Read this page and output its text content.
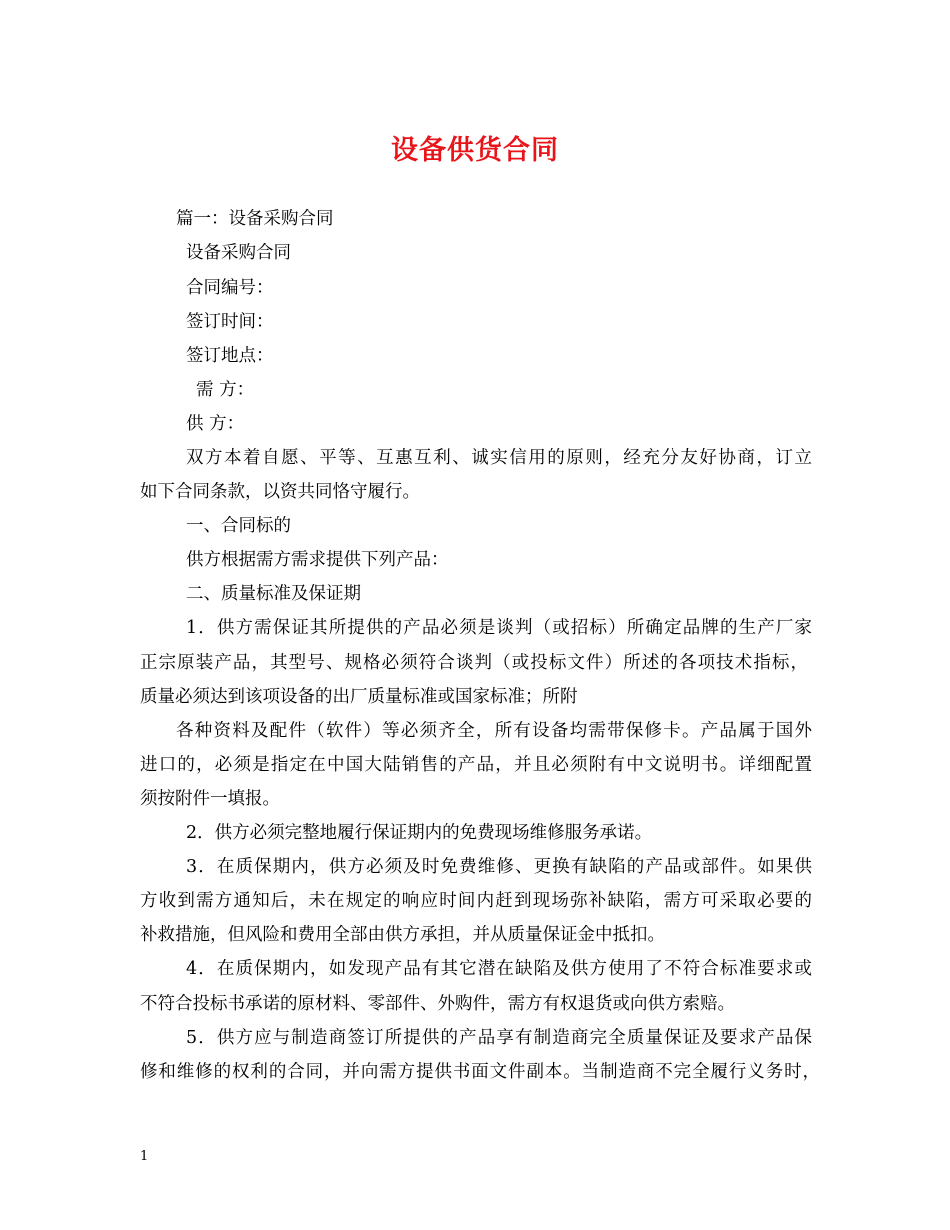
设备供货合同
篇一：设备采购合同
设备采购合同
合同编号：
签订时间：
签订地点：
需 方：
供 方：
双方本着自愿、平等、互惠互利、诚实信用的原则，经充分友好协商，订立
如下合同条款，以资共同恪守履行。
一、合同标的
供方根据需方需求提供下列产品：
二、质量标准及保证期
1．供方需保证其所提供的产品必须是谈判（或招标）所确定品牌的生产厂家
正宗原装产品，其型号、规格必须符合谈判（或投标文件）所述的各项技术指标，
质量必须达到该项设备的出厂质量标准或国家标准；所附
各种资料及配件（软件）等必须齐全，所有设备均需带保修卡。产品属于国外
进口的，必须是指定在中国大陆销售的产品，并且必须附有中文说明书。详细配置
须按附件一填报。
2．供方必须完整地履行保证期内的免费现场维修服务承诺。
3．在质保期内，供方必须及时免费维修、更换有缺陷的产品或部件。如果供
方收到需方通知后，未在规定的响应时间内赶到现场弥补缺陷，需方可采取必要的
补救措施，但风险和费用全部由供方承担，并从质量保证金中抵扣。
4．在质保期内，如发现产品有其它潜在缺陷及供方使用了不符合标准要求或
不符合投标书承诺的原材料、零部件、外购件，需方有权退货或向供方索赔。
5．供方应与制造商签订所提供的产品享有制造商完全质量保证及要求产品保
修和维修的权利的合同，并向需方提供书面文件副本。当制造商不完全履行义务时，
1
